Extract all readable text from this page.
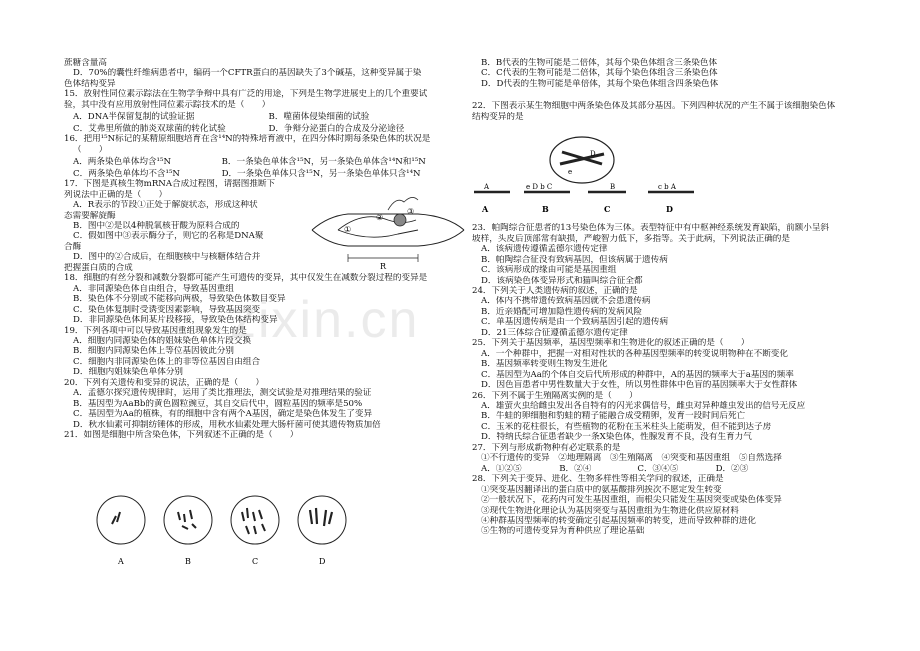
zixin.cn
蔗糖含量高
D．70%的囊性纤维病患者中，编码一个CFTR蛋白的基因缺失了3个碱基，这种变异属于染
色体结构变异
15．放射性同位素示踪法在生物学争辩中具有广泛的用途，下列是生物学进展史上的几个重要试
验，其中没有应用放射性同位素示踪技术的是（　　）
A．DNA半保留复制的试验证据	B．噬菌体侵染细菌的试验
C．艾弗里所做的肺炎双球菌的转化试验	D．争辩分泌蛋白的合成及分泌途径
16．把用¹⁵N标记的某精原细胞培育在含¹⁴N的特殊培育液中，在四分体时期每条染色体的状况是
（　　）
A．两条染色单体均含¹⁵N	B．一条染色单体含¹⁵N，另一条染色单体含¹⁴N和¹⁵N
C．两条染色单体均不含¹⁵N	D．一条染色单体只含¹⁵N，另一条染色单体只含¹⁴N
17．下图是真核生物mRNA合成过程图，请据图推断下
列说法中正确的是（　　）
A．R表示的节段①正处于解旋状态，形成这种状
态需要解旋酶
B．图中②是以4种脱氧核苷酸为原料合成的
C．假如图中③表示酶分子，则它的名称是DNA聚
合酶
D．图中的②合成后，在细胞核中与核糖体结合并
把握蛋白质的合成
18．细胞的有丝分裂和减数分裂都可能产生可遗传的变异，其中仅发生在减数分裂过程的变异是
A．非同源染色体自由组合，导致基因重组
B．染色体不分别或不能移向两极，导致染色体数目变异
C．染色体复制时受诱变因素影响，导致基因突变
D．非同源染色体间某片段移接，导致染色体结构变异
19．下列各项中可以导致基因重组现象发生的是
A．细胞内同源染色体的姐妹染色单体片段交换
B．细胞内同源染色体上等位基因彼此分别
C．细胞内非同源染色体上的非等位基因自由组合
D．细胞内姐妹染色单体分别
20．下列有关遗传和变异的说法，正确的是（　　）
A．孟德尔探究遗传规律时，运用了类比推理法，测交试验是对推理结果的验证
B．基因型为AaBb的黄色圆粒豌豆，其自交后代中，圆粒基因的频率是50%
C．基因型为Aa的植株，有的细胞中含有两个A基因，确定是染色体发生了变异
D．秋水仙素可抑制纺锤体的形成，用秋水仙素处理大肠杆菌可使其遗传物质加倍
21．如图是细胞中所含染色体，下列叙述不正确的是（　　）
①
②
③
R
A	B	C	D
B．B代表的生物可能是二倍体，其每个染色体组含三条染色体
C．C代表的生物可能是二倍体，其每个染色体组含三条染色体
D．D代表的生物可能是单倍体，其每个染色体组含四条染色体
22．下图表示某生物细胞中两条染色体及其部分基因。下列四种状况的产生不属于该细胞染色体
结构变异的是
23．帕陶综合征患者的13号染色体为三体。表型特征中有中枢神经系统发育缺陷，前额小呈斜
坡样，头皮后顶部常有缺损，严峻智力低下，多指等。关于此病，下列说法正确的是
A．该病遗传遵循孟德尔遗传定律
B．帕陶综合征没有致病基因，但该病属于遗传病
C．该病形成的缘由可能是基因重组
D．该病染色体变异形式和猫叫综合征全都
24．下列关于人类遗传病的叙述，正确的是
A．体内不携带遗传致病基因就不会患遗传病
B．近亲婚配可增加隐性遗传病的发病风险
C．单基因遗传病是由一个致病基因引起的遗传病
D．21三体综合征遵循孟德尔遗传定律
25．下列关于基因频率，基因型频率和生物进化的叙述正确的是（　　）
A．一个种群中，把握一对相对性状的各种基因型频率的转变说明物种在不断变化
B．基因频率转变则生物发生进化
C．基因型为Aa的个体自交后代所形成的种群中，A的基因的频率大于a基因的频率
D．因色盲患者中男性数量大于女性，所以男性群体中色盲的基因频率大于女性群体
26．下列不属于生殖隔离实例的是（　　）
A．雄萤火虫给雌虫发出各自特有的闪光求偶信号，雌虫对异种雄虫发出的信号无反应
B．牛蛙的卵细胞和豹蛙的精子能融合成受精卵，发育一段时间后死亡
C．玉米的花柱很长，有些植物的花粉在玉米柱头上能萌发，但不能到达子房
D．特纳氏综合征患者缺少一条X染色体，性腺发育不良，没有生育力气
27．下列与形成新物种有必定联系的是
①不行遗传的变异　②地理隔离　③生殖隔离　④突变和基因重组　⑤自然选择
A．①②⑤	B．②④	C．③④⑤	D．②③
28．下列关于变异、进化、生物多样性等相关学问的叙述，正确是
①突变基因翻译出的蛋白质中的氨基酸排列挨次不愿定发生转变
②一般状况下，花药内可发生基因重组，而根尖只能发生基因突变或染色体变异
③现代生物进化理论认为基因突变与基因重组为生物进化供应原材料
④种群基因型频率的转变确定引起基因频率的转变，进而导致种群的进化
⑤生物的可遗传变异为育种供应了理论基础
D
e
A
A
e D b C
B
B
C
c b A
D
